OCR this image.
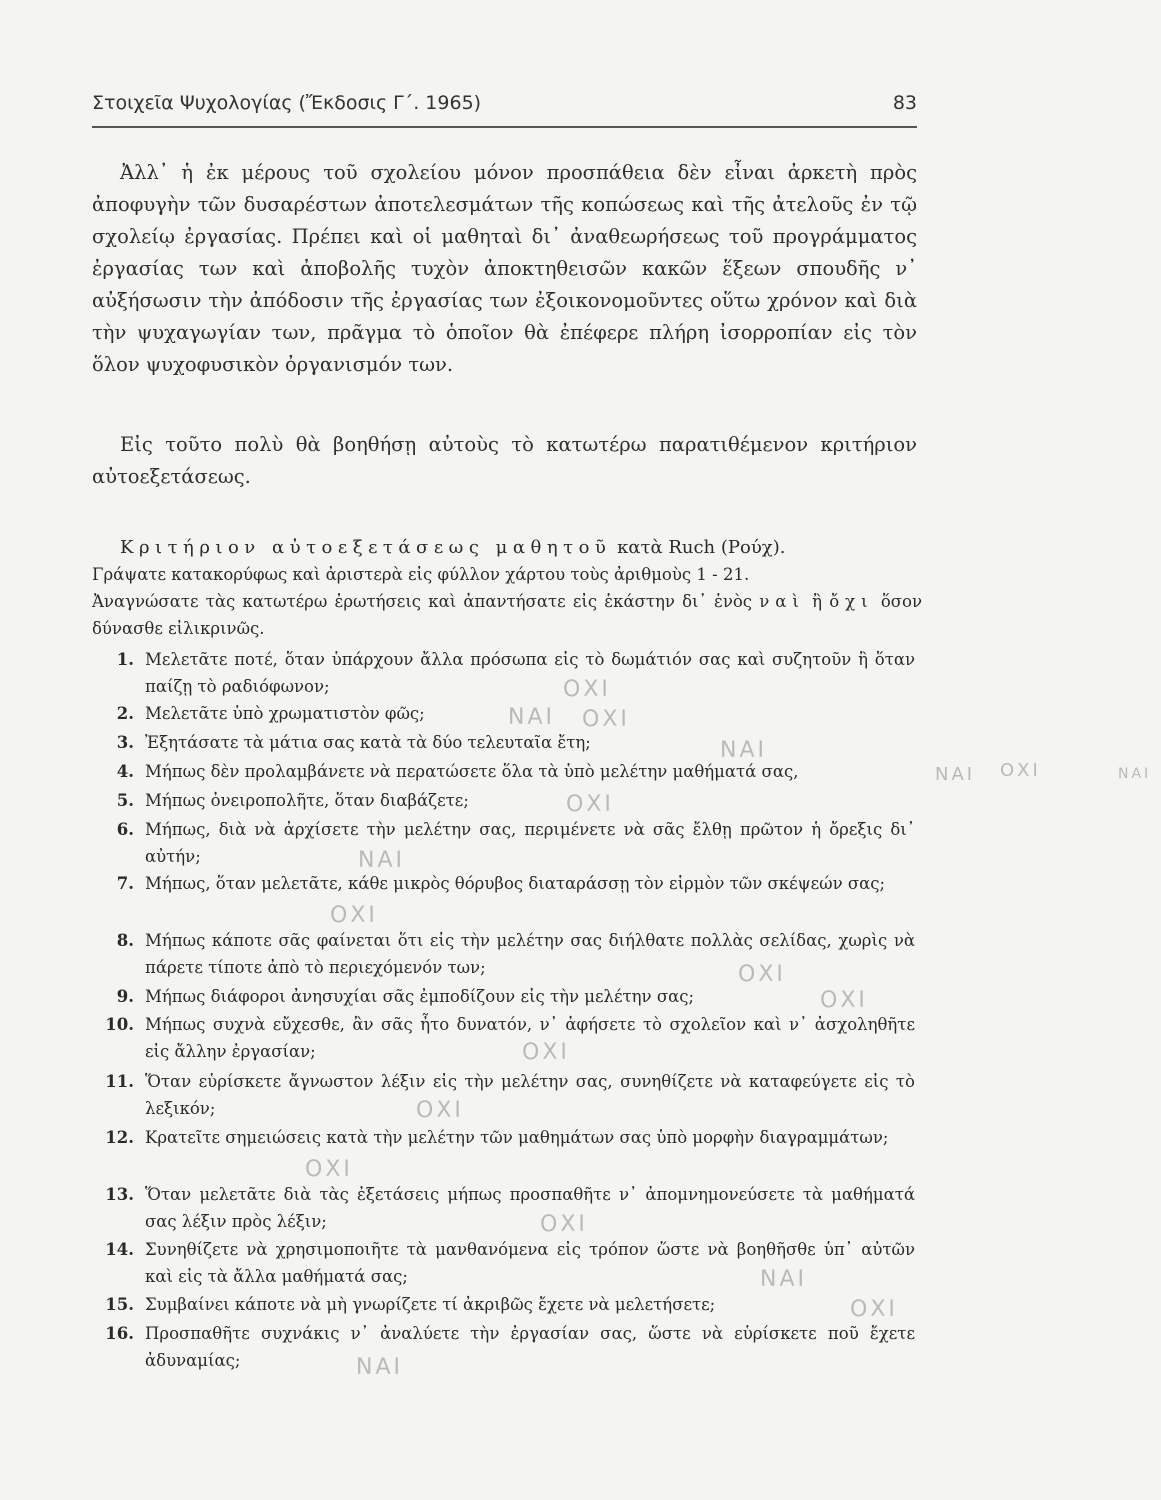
Στοιχεῖα Ψυχολογίας (Ἔκδοσις Γ΄. 1965)	83
Ἀλλ᾽ ἡ ἐκ μέρους τοῦ σχολείου μόνον προσπάθεια δὲν εἶναι ἀρκετὴ πρὸς ἀποφυγὴν τῶν δυσαρέστων ἀποτελεσμάτων τῆς κοπώσεως καὶ τῆς ἀτελοῦς ἐν τῷ σχολείῳ ἐργασίας. Πρέπει καὶ οἱ μαθηταὶ δι᾽ ἀναθεωρήσεως τοῦ προγράμματος ἐργασίας των καὶ ἀποβολῆς τυχὸν ἀποκτηθεισῶν κακῶν ἕξεων σπουδῆς ν᾽ αὐξήσωσιν τὴν ἀπόδοσιν τῆς ἐργασίας των ἐξοικονομοῦντες οὕτω χρόνον καὶ διὰ τὴν ψυχαγωγίαν των, πρᾶγμα τὸ ὁποῖον θὰ ἐπέφερε πλήρη ἰσορροπίαν εἰς τὸν ὅλον ψυχοφυσικὸν ὀργανισμόν των.
Εἰς τοῦτο πολὺ θὰ βοηθήσῃ αὐτοὺς τὸ κατωτέρω παρατιθέμενον κριτήριον αὐτοεξετάσεως.
Κριτήριον αὐτοεξετάσεως μαθητοῦ κατὰ Ruch (Ρούχ).
Γράψατε κατακορύφως καὶ ἀριστερὰ εἰς φύλλον χάρτου τοὺς ἀριθμοὺς 1 - 21.
Ἀναγνώσατε τὰς κατωτέρω ἐρωτήσεις καὶ ἀπαντήσατε εἰς ἑκάστην δι᾽ ἑνὸς ναὶ ἢ ὄχι ὅσον δύνασθε εἰλικρινῶς.
1. Μελετᾶτε ποτέ, ὅταν ὑπάρχουν ἄλλα πρόσωπα εἰς τὸ δωμάτιόν σας καὶ συζητοῦν ἢ ὅταν παίζῃ τὸ ραδιόφωνον;
2. Μελετᾶτε ὑπὸ χρωματιστὸν φῶς;
3. Ἐξητάσατε τὰ μάτια σας κατὰ τὰ δύο τελευταῖα ἔτη;
4. Μήπως δὲν προλαμβάνετε νὰ περατώσετε ὅλα τὰ ὑπὸ μελέτην μαθήματά σας,
5. Μήπως ὀνειροπολῆτε, ὅταν διαβάζετε;
6. Μήπως, διὰ νὰ ἀρχίσετε τὴν μελέτην σας, περιμένετε νὰ σᾶς ἔλθῃ πρῶτον ἡ ὄρεξις δι᾽ αὐτήν;
7. Μήπως, ὅταν μελετᾶτε, κάθε μικρὸς θόρυβος διαταράσσῃ τὸν εἱρμὸν τῶν σκέψεών σας;
8. Μήπως κάποτε σᾶς φαίνεται ὅτι εἰς τὴν μελέτην σας διήλθατε πολλὰς σελίδας, χωρὶς νὰ πάρετε τίποτε ἀπὸ τὸ περιεχόμενόν των;
9. Μήπως διάφοροι ἀνησυχίαι σᾶς ἐμποδίζουν εἰς τὴν μελέτην σας;
10. Μήπως συχνὰ εὔχεσθε, ἂν σᾶς ἦτο δυνατόν, ν᾽ ἀφήσετε τὸ σχολεῖον καὶ ν᾽ ἀσχοληθῆτε εἰς ἄλλην ἐργασίαν;
11. Ὅταν εὑρίσκετε ἄγνωστον λέξιν εἰς τὴν μελέτην σας, συνηθίζετε νὰ καταφεύγετε εἰς τὸ λεξικόν;
12. Κρατεῖτε σημειώσεις κατὰ τὴν μελέτην τῶν μαθημάτων σας ὑπὸ μορφὴν διαγραμμάτων;
13. Ὅταν μελετᾶτε διὰ τὰς ἐξετάσεις μήπως προσπαθῆτε ν᾽ ἀπομνημονεύσετε τὰ μαθήματά σας λέξιν πρὸς λέξιν;
14. Συνηθίζετε νὰ χρησιμοποιῆτε τὰ μανθανόμενα εἰς τρόπον ὥστε νὰ βοηθῆσθε ὑπ᾽ αὐτῶν καὶ εἰς τὰ ἄλλα μαθήματά σας;
15. Συμβαίνει κάποτε νὰ μὴ γνωρίζετε τί ἀκριβῶς ἔχετε νὰ μελετήσετε;
16. Προσπαθῆτε συχνάκις ν᾽ ἀναλύετε τὴν ἐργασίαν σας, ὥστε νὰ εὑρίσκετε ποῦ ἔχετε ἀδυναμίας;
ΟΧΙ
ΝΑΙ ΟΧΙ
ΝΑΙ
ΝΑΙ ΟΧΙ	ΝΑΙ
ΟΧΙ
ΝΑΙ
ΟΧΙ
ΟΧΙ
ΟΧΙ
ΟΧΙ
ΟΧΙ
ΟΧΙ
ΟΧΙ
ΝΑΙ
ΟΧΙ
ΝΑΙ
